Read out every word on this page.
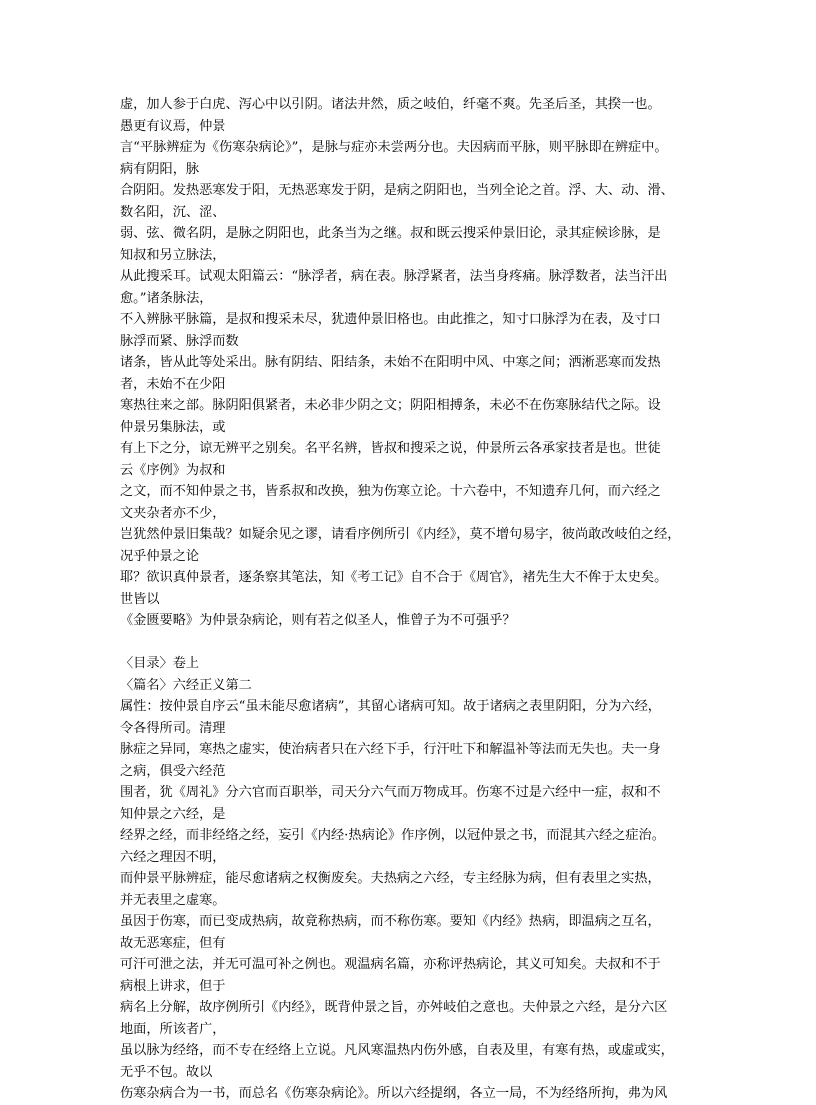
虚，加人参于白虎、泻心中以引阴。诸法井然，质之岐伯，纤毫不爽。先圣后圣，其揆一也。
愚更有议焉，仲景
言“平脉辨症为《伤寒杂病论》”，是脉与症亦未尝两分也。夫因病而平脉，则平脉即在辨症中。
病有阴阳，脉
合阴阳。发热恶寒发于阳，无热恶寒发于阴，是病之阴阳也，当列全论之首。浮、大、动、滑、
数名阳，沉、涩、
弱、弦、微名阴，是脉之阴阳也，此条当为之继。叔和既云搜采仲景旧论，录其症候诊脉，是
知叔和另立脉法，
从此搜采耳。试观太阳篇云：“脉浮者，病在表。脉浮紧者，法当身疼痛。脉浮数者，法当汗出
愈。”诸条脉法，
不入辨脉平脉篇，是叔和搜采未尽，犹遗仲景旧格也。由此推之，知寸口脉浮为在表，及寸口
脉浮而紧、脉浮而数
诸条，皆从此等处采出。脉有阴结、阳结条，未始不在阳明中风、中寒之间；洒淅恶寒而发热
者，未始不在少阳
寒热往来之部。脉阴阳俱紧者，未必非少阴之文；阴阳相搏条，未必不在伤寒脉结代之际。设
仲景另集脉法，或
有上下之分，谅无辨平之别矣。名平名辨，皆叔和搜采之说，仲景所云各承家技者是也。世徒
云《序例》为叔和
之文，而不知仲景之书，皆系叔和改换，独为伤寒立论。十六卷中，不知遗弃几何，而六经之
文夹杂者亦不少，
岂犹然仲景旧集哉？如疑余见之谬，请看序例所引《内经》，莫不增句易字，彼尚敢改岐伯之经，
况乎仲景之论
耶？欲识真仲景者，逐条察其笔法，知《考工记》自不合于《周官》，褚先生大不侔于太史矣。
世皆以
《金匮要略》为仲景杂病论，则有若之似圣人，惟曾子为不可强乎？
〈目录〉卷上
〈篇名〉六经正义第二
属性：按仲景自序云“虽未能尽愈诸病”，其留心诸病可知。故于诸病之表里阴阳，分为六经，
令各得所司。清理
脉症之异同，寒热之虚实，使治病者只在六经下手，行汗吐下和解温补等法而无失也。夫一身
之病，俱受六经范
围者，犹《周礼》分六官而百职举，司天分六气而万物成耳。伤寒不过是六经中一症，叔和不
知仲景之六经，是
经界之经，而非经络之经，妄引《内经·热病论》作序例，以冠仲景之书，而混其六经之症治。
六经之理因不明，
而仲景平脉辨症，能尽愈诸病之权衡废矣。夫热病之六经，专主经脉为病，但有表里之实热，
并无表里之虚寒。
虽因于伤寒，而已变成热病，故竟称热病，而不称伤寒。要知《内经》热病，即温病之互名，
故无恶寒症，但有
可汗可泄之法，并无可温可补之例也。观温病名篇，亦称评热病论，其义可知矣。夫叔和不于
病根上讲求，但于
病名上分解，故序例所引《内经》，既背仲景之旨，亦舛岐伯之意也。夫仲景之六经，是分六区
地面，所该者广，
虽以脉为经络，而不专在经络上立说。凡风寒温热内伤外感，自表及里，有寒有热，或虚或实，
无乎不包。故以
伤寒杂病合为一书，而总名《伤寒杂病论》。所以六经提纲，各立一局，不为经络所拘，弗为风
